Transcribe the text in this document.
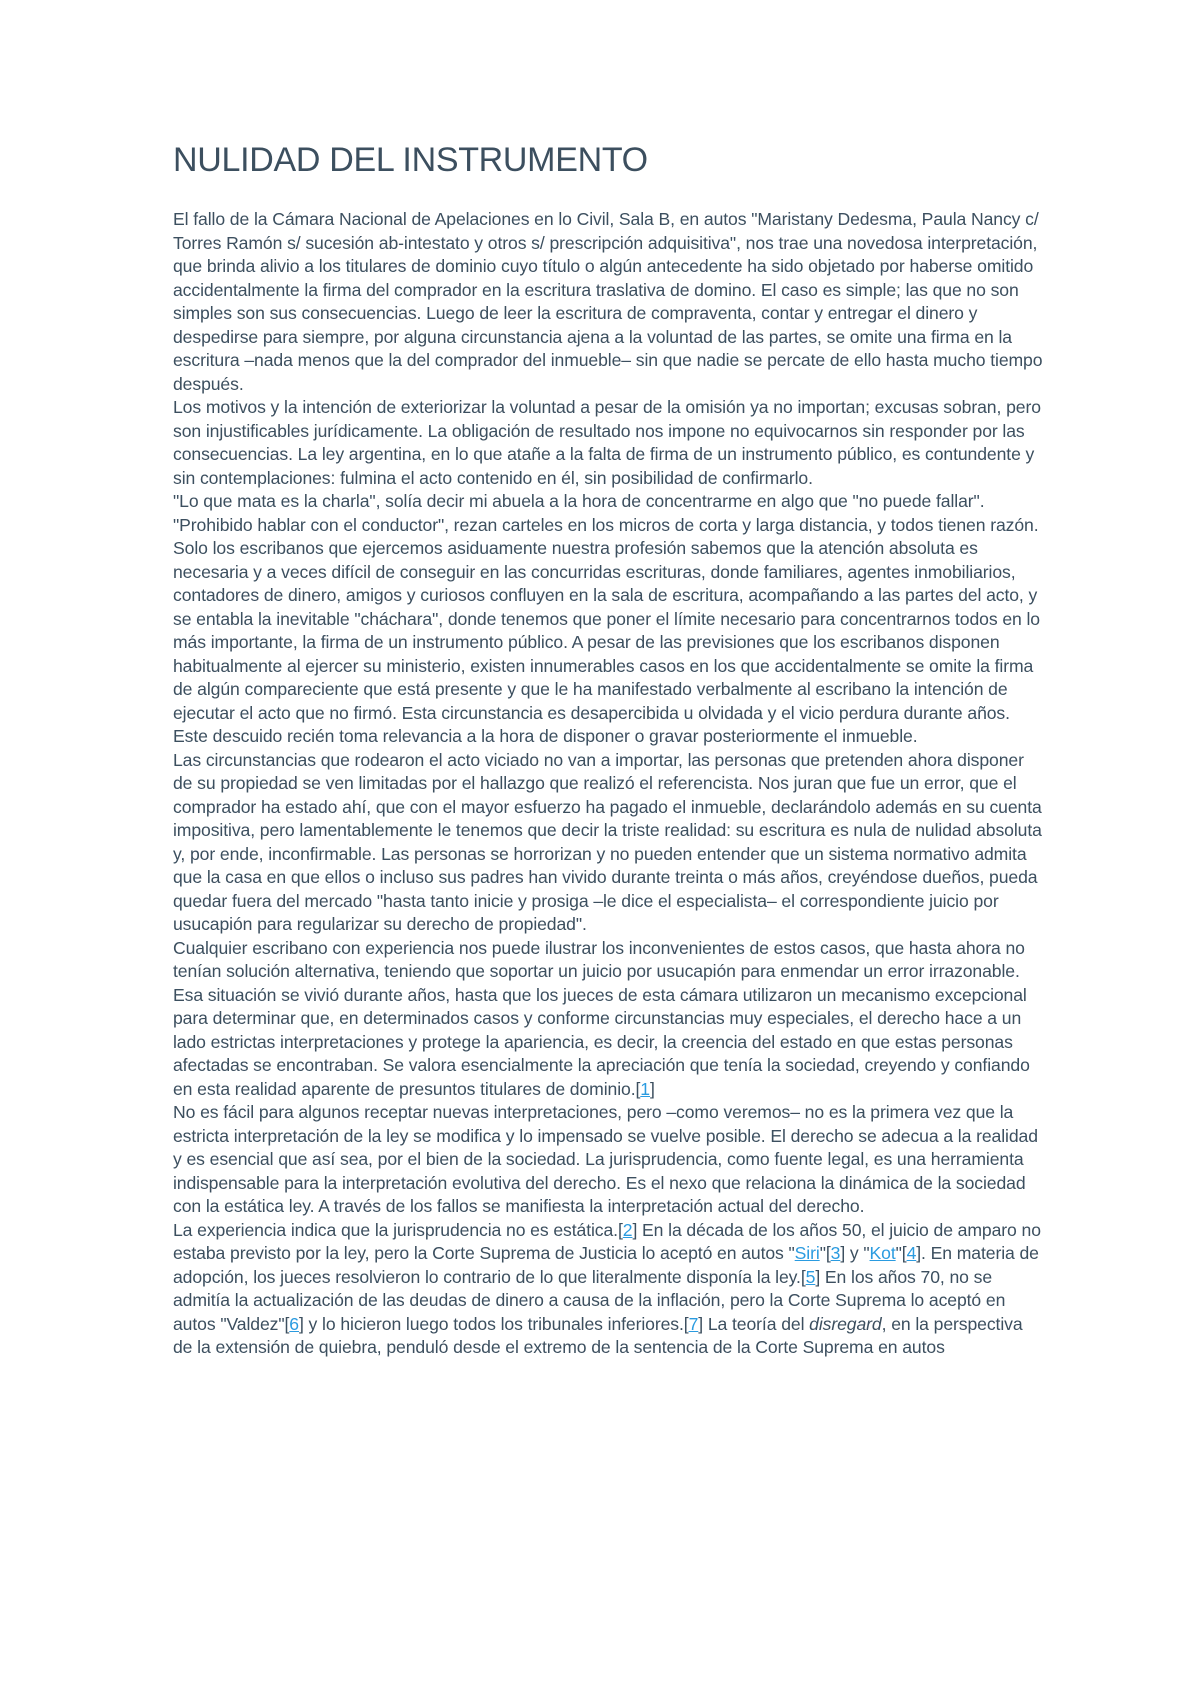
NULIDAD DEL INSTRUMENTO

El fallo de la Cámara Nacional de Apelaciones en lo Civil, Sala B, en autos "Maristany Dedesma, Paula Nancy c/ Torres Ramón s/ sucesión ab-intestato y otros s/ prescripción adquisitiva", nos trae una novedosa interpretación, que brinda alivio a los titulares de dominio cuyo título o algún antecedente ha sido objetado por haberse omitido accidentalmente la firma del comprador en la escritura traslativa de domino. El caso es simple; las que no son simples son sus consecuencias. Luego de leer la escritura de compraventa, contar y entregar el dinero y despedirse para siempre, por alguna circunstancia ajena a la voluntad de las partes, se omite una firma en la escritura –nada menos que la del comprador del inmueble– sin que nadie se percate de ello hasta mucho tiempo después.

Los motivos y la intención de exteriorizar la voluntad a pesar de la omisión ya no importan; excusas sobran, pero son injustificables jurídicamente. La obligación de resultado nos impone no equivocarnos sin responder por las consecuencias. La ley argentina, en lo que atañe a la falta de firma de un instrumento público, es contundente y sin contemplaciones: fulmina el acto contenido en él, sin posibilidad de confirmarlo.

"Lo que mata es la charla", solía decir mi abuela a la hora de concentrarme en algo que "no puede fallar". "Prohibido hablar con el conductor", rezan carteles en los micros de corta y larga distancia, y todos tienen razón. Solo los escribanos que ejercemos asiduamente nuestra profesión sabemos que la atención absoluta es necesaria y a veces difícil de conseguir en las concurridas escrituras, donde familiares, agentes inmobiliarios, contadores de dinero, amigos y curiosos confluyen en la sala de escritura, acompañando a las partes del acto, y se entabla la inevitable "cháchara", donde tenemos que poner el límite necesario para concentrarnos todos en lo más importante, la firma de un instrumento público. A pesar de las previsiones que los escribanos disponen habitualmente al ejercer su ministerio, existen innumerables casos en los que accidentalmente se omite la firma de algún compareciente que está presente y que le ha manifestado verbalmente al escribano la intención de ejecutar el acto que no firmó. Esta circunstancia es desapercibida u olvidada y el vicio perdura durante años. Este descuido recién toma relevancia a la hora de disponer o gravar posteriormente el inmueble.

Las circunstancias que rodearon el acto viciado no van a importar, las personas que pretenden ahora disponer de su propiedad se ven limitadas por el hallazgo que realizó el referencista. Nos juran que fue un error, que el comprador ha estado ahí, que con el mayor esfuerzo ha pagado el inmueble, declarándolo además en su cuenta impositiva, pero lamentablemente le tenemos que decir la triste realidad: su escritura es nula de nulidad absoluta y, por ende, inconfirmable. Las personas se horrorizan y no pueden entender que un sistema normativo admita que la casa en que ellos o incluso sus padres han vivido durante treinta o más años, creyéndose dueños, pueda quedar fuera del mercado "hasta tanto inicie y prosiga –le dice el especialista– el correspondiente juicio por usucapión para regularizar su derecho de propiedad".

Cualquier escribano con experiencia nos puede ilustrar los inconvenientes de estos casos, que hasta ahora no tenían solución alternativa, teniendo que soportar un juicio por usucapión para enmendar un error irrazonable. Esa situación se vivió durante años, hasta que los jueces de esta cámara utilizaron un mecanismo excepcional para determinar que, en determinados casos y conforme circunstancias muy especiales, el derecho hace a un lado estrictas interpretaciones y protege la apariencia, es decir, la creencia del estado en que estas personas afectadas se encontraban. Se valora esencialmente la apreciación que tenía la sociedad, creyendo y confiando en esta realidad aparente de presuntos titulares de dominio.[1]

No es fácil para algunos receptar nuevas interpretaciones, pero –como veremos– no es la primera vez que la estricta interpretación de la ley se modifica y lo impensado se vuelve posible. El derecho se adecua a la realidad y es esencial que así sea, por el bien de la sociedad. La jurisprudencia, como fuente legal, es una herramienta indispensable para la interpretación evolutiva del derecho. Es el nexo que relaciona la dinámica de la sociedad con la estática ley. A través de los fallos se manifiesta la interpretación actual del derecho.

La experiencia indica que la jurisprudencia no es estática.[2] En la década de los años 50, el juicio de amparo no estaba previsto por la ley, pero la Corte Suprema de Justicia lo aceptó en autos "Siri"[3] y "Kot"[4]. En materia de adopción, los jueces resolvieron lo contrario de lo que literalmente disponía la ley.[5] En los años 70, no se admitía la actualización de las deudas de dinero a causa de la inflación, pero la Corte Suprema lo aceptó en autos "Valdez"[6] y lo hicieron luego todos los tribunales inferiores.[7] La teoría del disregard, en la perspectiva de la extensión de quiebra, penduló desde el extremo de la sentencia de la Corte Suprema en autos
